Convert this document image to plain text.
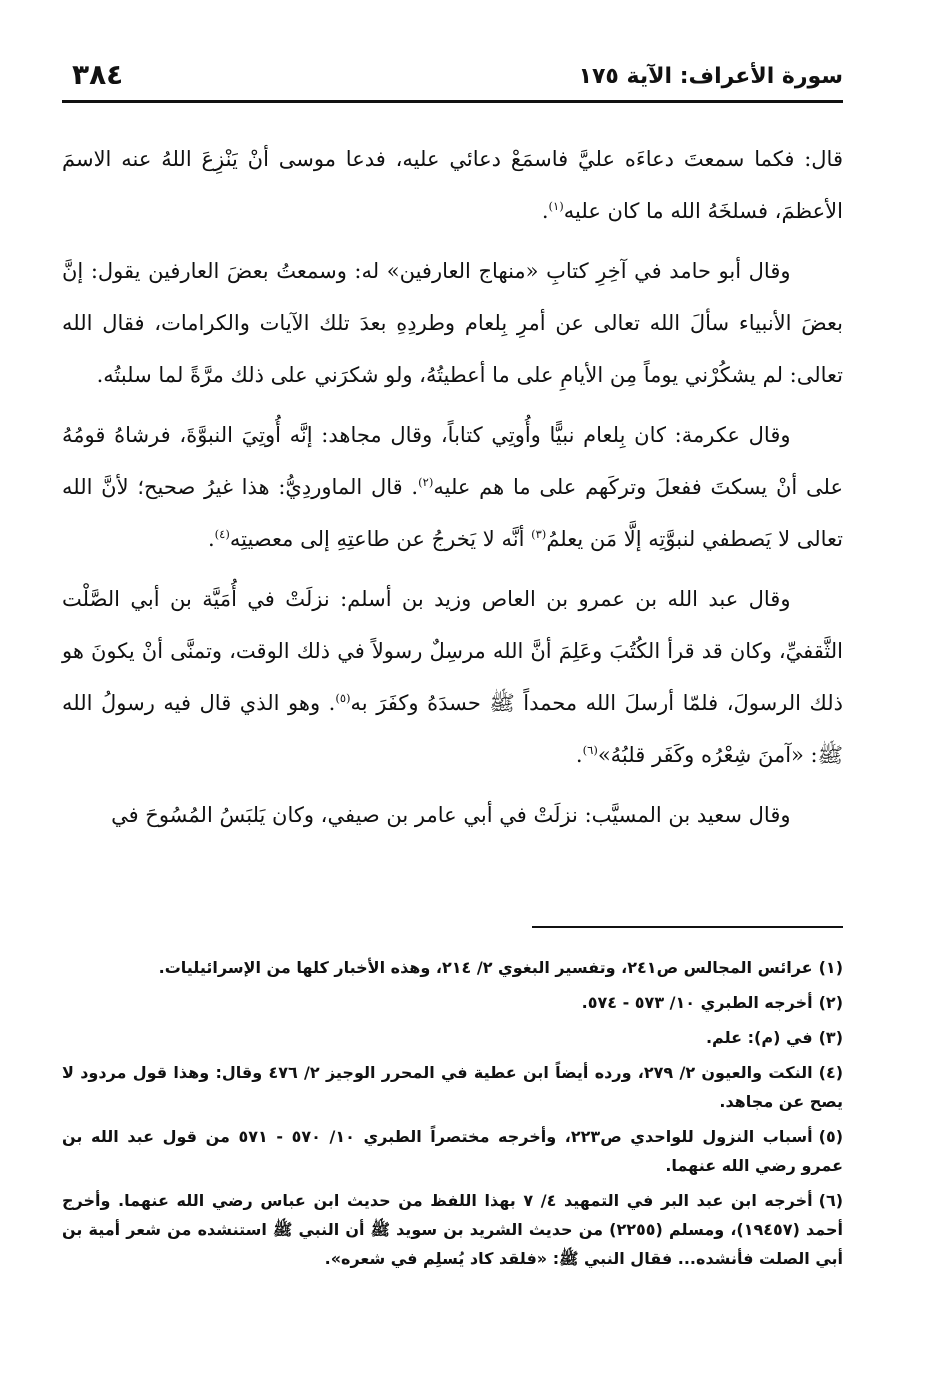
سورة الأعراف: الآية ١٧٥
٣٨٤

قال: فكما سمعتَ دعاءَه عليَّ فاسمَعْ دعائي عليه، فدعا موسى أنْ يَنْزِعَ اللهُ عنه الاسمَ الأعظمَ، فسلخَهُ الله ما كان عليه$^{(١)}$.

وقال أبو حامد في آخِرِ كتابِ «منهاج العارفين» له: وسمعتُ بعضَ العارفين يقول: إنَّ بعضَ الأنبياء سألَ الله تعالى عن أمرِ بِلعام وطردِهِ بعدَ تلك الآيات والكرامات، فقال الله تعالى: لم يشكُرْني يوماً مِن الأيامِ على ما أعطيتُهُ، ولو شكرَني على ذلك مرَّةً لما سلبتُه.

وقال عكرمة: كان بِلعام نبيًّا وأُوتِي كتاباً، وقال مجاهد: إنَّه أُوتِيَ النبوَّةَ، فرشاهُ قومُهُ على أنْ يسكتَ ففعلَ وتركَهم على ما هم عليه$^{(٢)}$. قال الماوردِيُّ: هذا غيرُ صحيح؛ لأنَّ الله تعالى لا يَصطفي لنبوَّتِه إلَّا مَن يعلمُ$^{(٣)}$ أنَّه لا يَخرجُ عن طاعتِهِ إلى معصيتِه$^{(٤)}$.

وقال عبد الله بن عمرو بن العاص وزيد بن أسلم: نزلَتْ في أُمَيَّة بن أبي الصَّلْت الثَّقفيِّ، وكان قد قرأ الكُتُبَ وعَلِمَ أنَّ الله مرسِلٌ رسولاً في ذلك الوقت، وتمنَّى أنْ يكونَ هو ذلك الرسولَ، فلمّا أرسلَ الله محمداً ﷺ حسدَهُ وكفَرَ به$^{(٥)}$. وهو الذي قال فيه رسولُ الله ﷺ: «آمنَ شِعْرُه وكَفَر قلبُهُ»$^{(٦)}$.

وقال سعيد بن المسيَّب: نزلَتْ في أبي عامر بن صيفي، وكان يَلبَسُ المُسُوحَ في

(١)عرائس المجالس ص٢٤١، وتفسير البغوي ٢/ ٢١٤، وهذه الأخبار كلها من الإسرائيليات.

(٢)أخرجه الطبري ١٠/ ٥٧٣ - ٥٧٤.

(٣)في (م): علم.

(٤)النكت والعيون ٢/ ٢٧٩، ورده أيضاً ابن عطية في المحرر الوجيز ٢/ ٤٧٦ وقال: وهذا قول مردود لا يصح عن مجاهد.

(٥)أسباب النزول للواحدي ص٢٢٣، وأخرجه مختصراً الطبري ١٠/ ٥٧٠ - ٥٧١ من قول عبد الله بن عمرو رضي الله عنهما.

(٦)أخرجه ابن عبد البر في التمهيد ٤/ ٧ بهذا اللفظ من حديث ابن عباس رضي الله عنهما. وأخرج أحمد (١٩٤٥٧)، ومسلم (٢٢٥٥) من حديث الشريد بن سويد ﷺ أن النبي ﷺ استنشده من شعر أمية بن أبي الصلت فأنشده... فقال النبي ﷺ: «فلقد كاد يُسلِم في شعره».
